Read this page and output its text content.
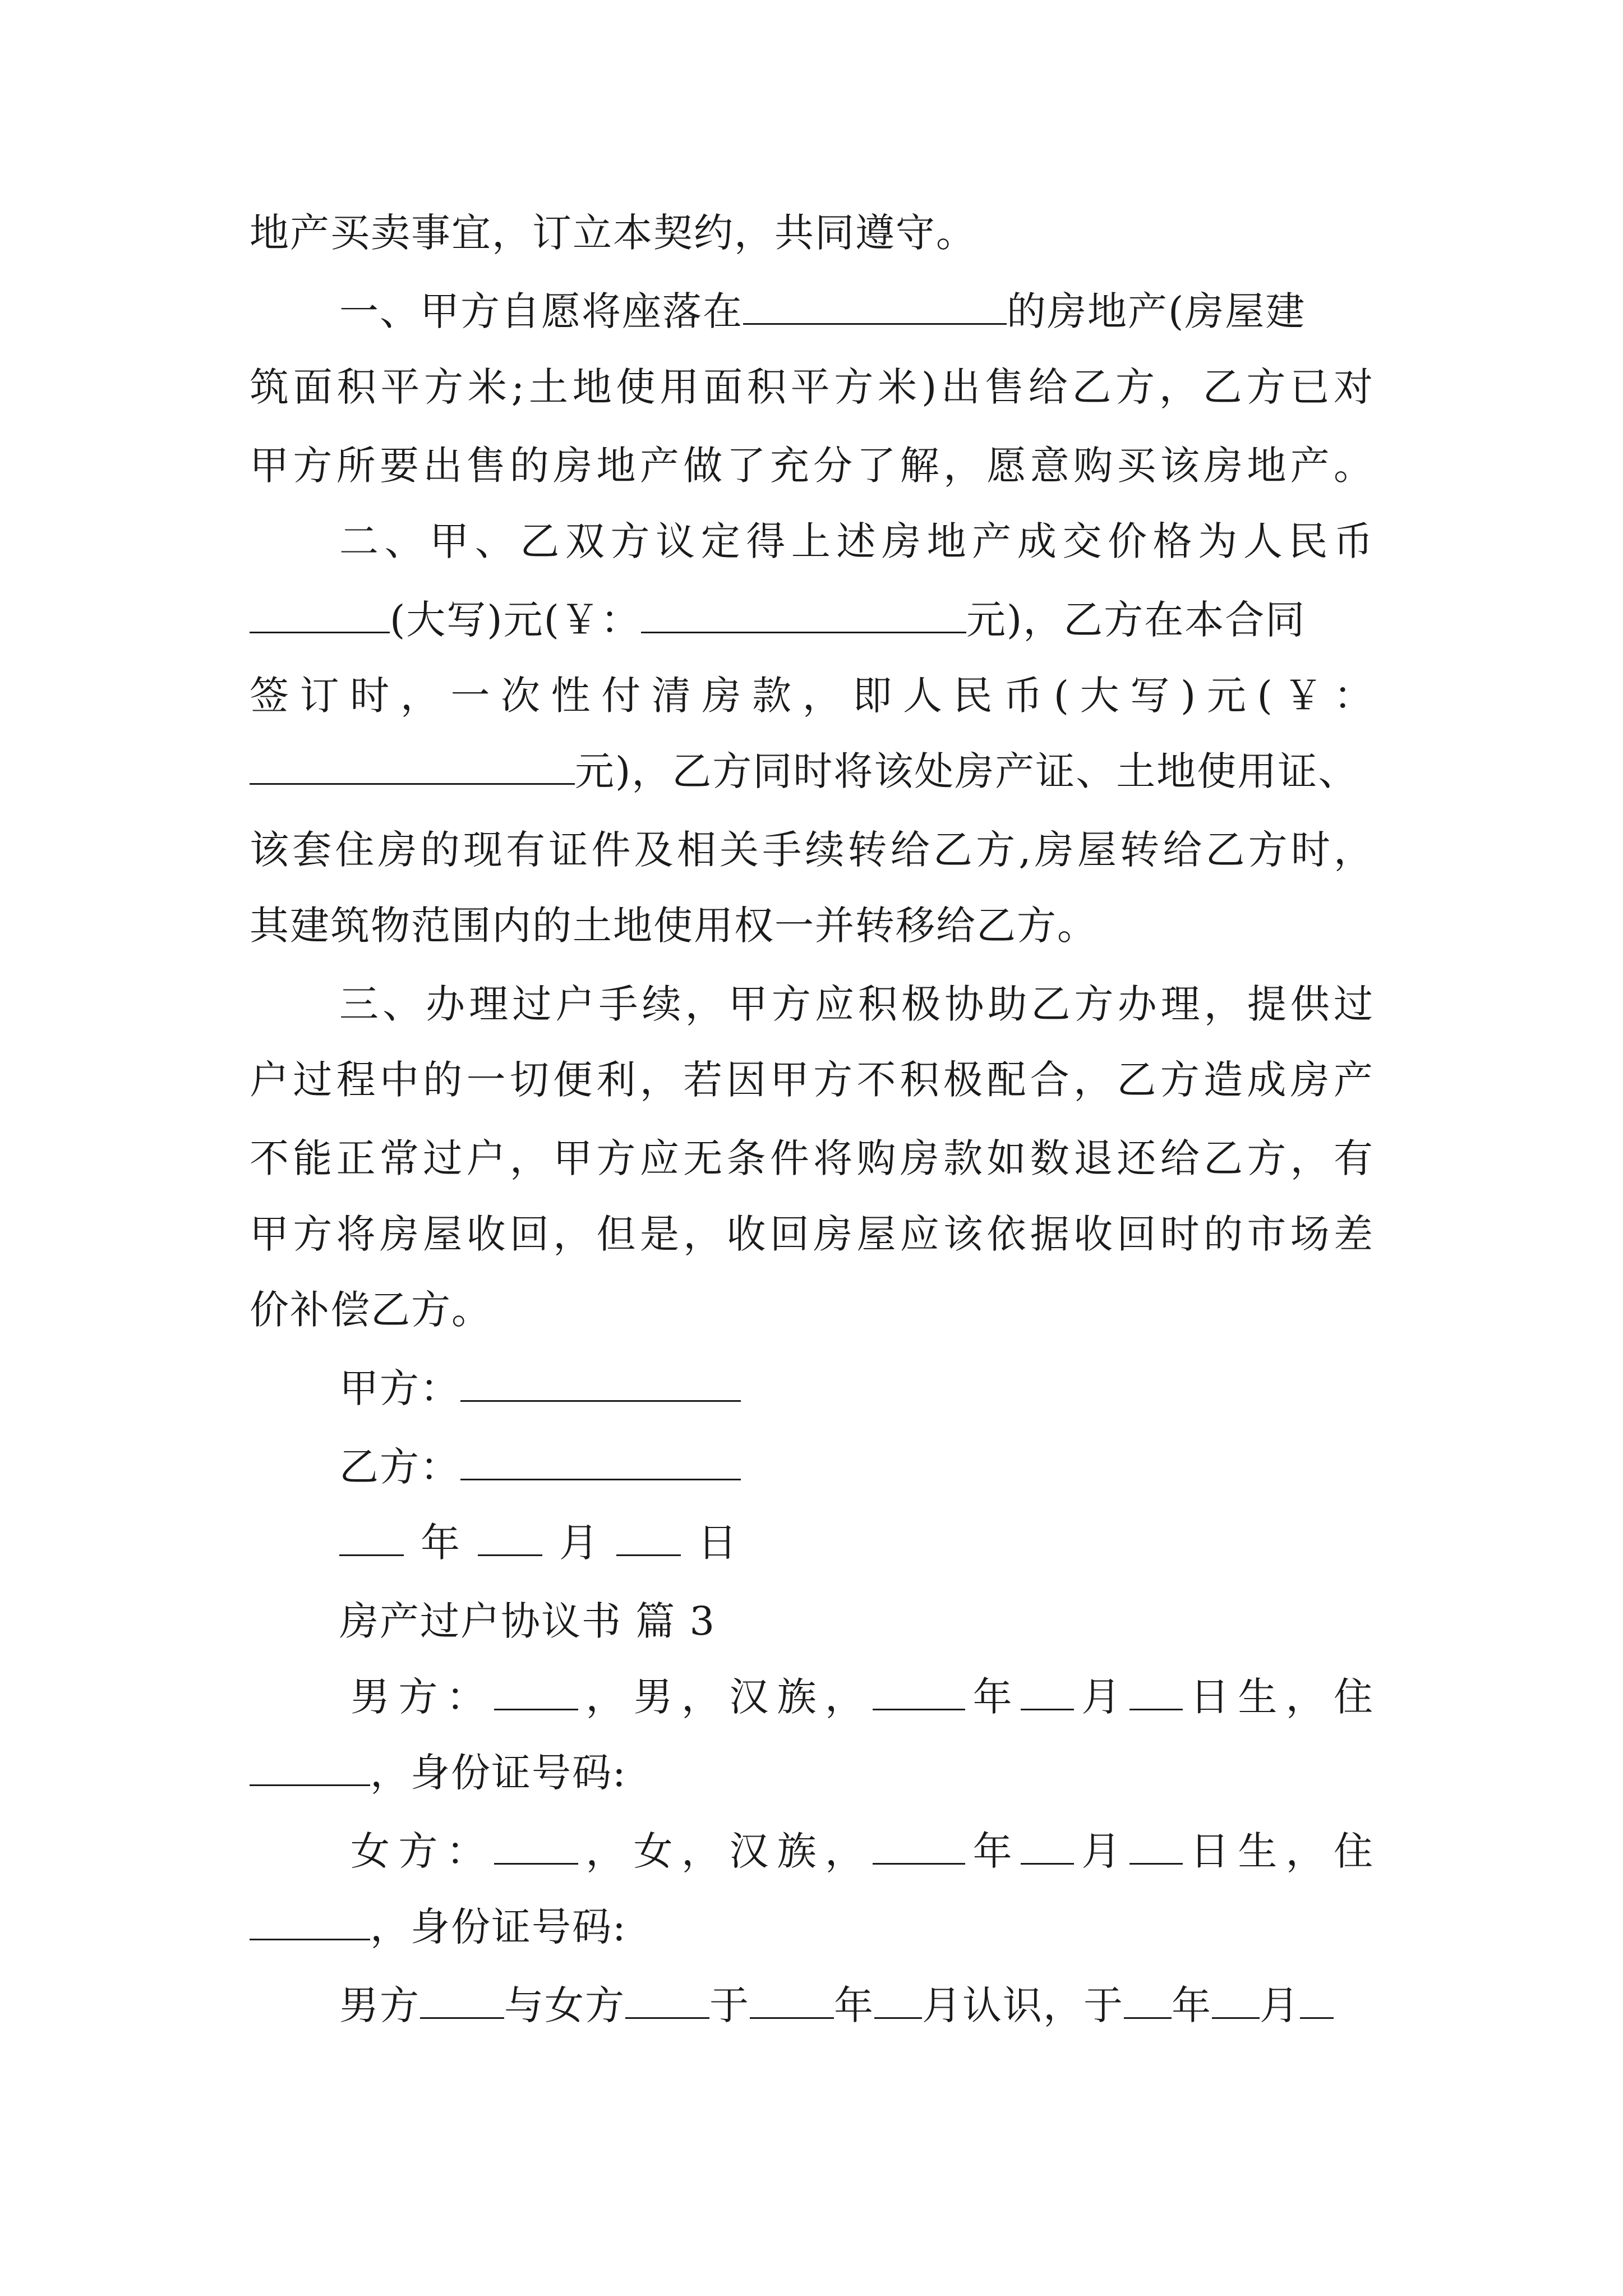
地产买卖事宜，订立本契约，共同遵守。
一、甲方自愿将座落在	的房地产(房屋建
筑面积平方米;土地使用面积平方米)出售给乙方，乙方已对
甲方所要出售的房地产做了充分了解，愿意购买该房地产。
二、甲、乙双方议定得上述房地产成交价格为人民币
(大写)元(￥：	元)，乙方在本合同
签订时，一次性付清房款，即人民币(大写)元(￥：
元)，乙方同时将该处房产证、土地使用证、
该套住房的现有证件及相关手续转给乙方,房屋转给乙方时，
其建筑物范围内的土地使用权一并转移给乙方。
三、办理过户手续，甲方应积极协助乙方办理，提供过
户过程中的一切便利，若因甲方不积极配合，乙方造成房产
不能正常过户，甲方应无条件将购房款如数退还给乙方，有
甲方将房屋收回，但是，收回房屋应该依据收回时的市场差
价补偿乙方。
甲方：
乙方：
年	月	日
房产过户协议书 篇 3
男方： ，男，汉族， 年 月 日生，住
，身份证号码:
女方： ，女，汉族， 年 月 日生，住
，身份证号码:
男方 与女方 于 年 月认识，于 年 月
